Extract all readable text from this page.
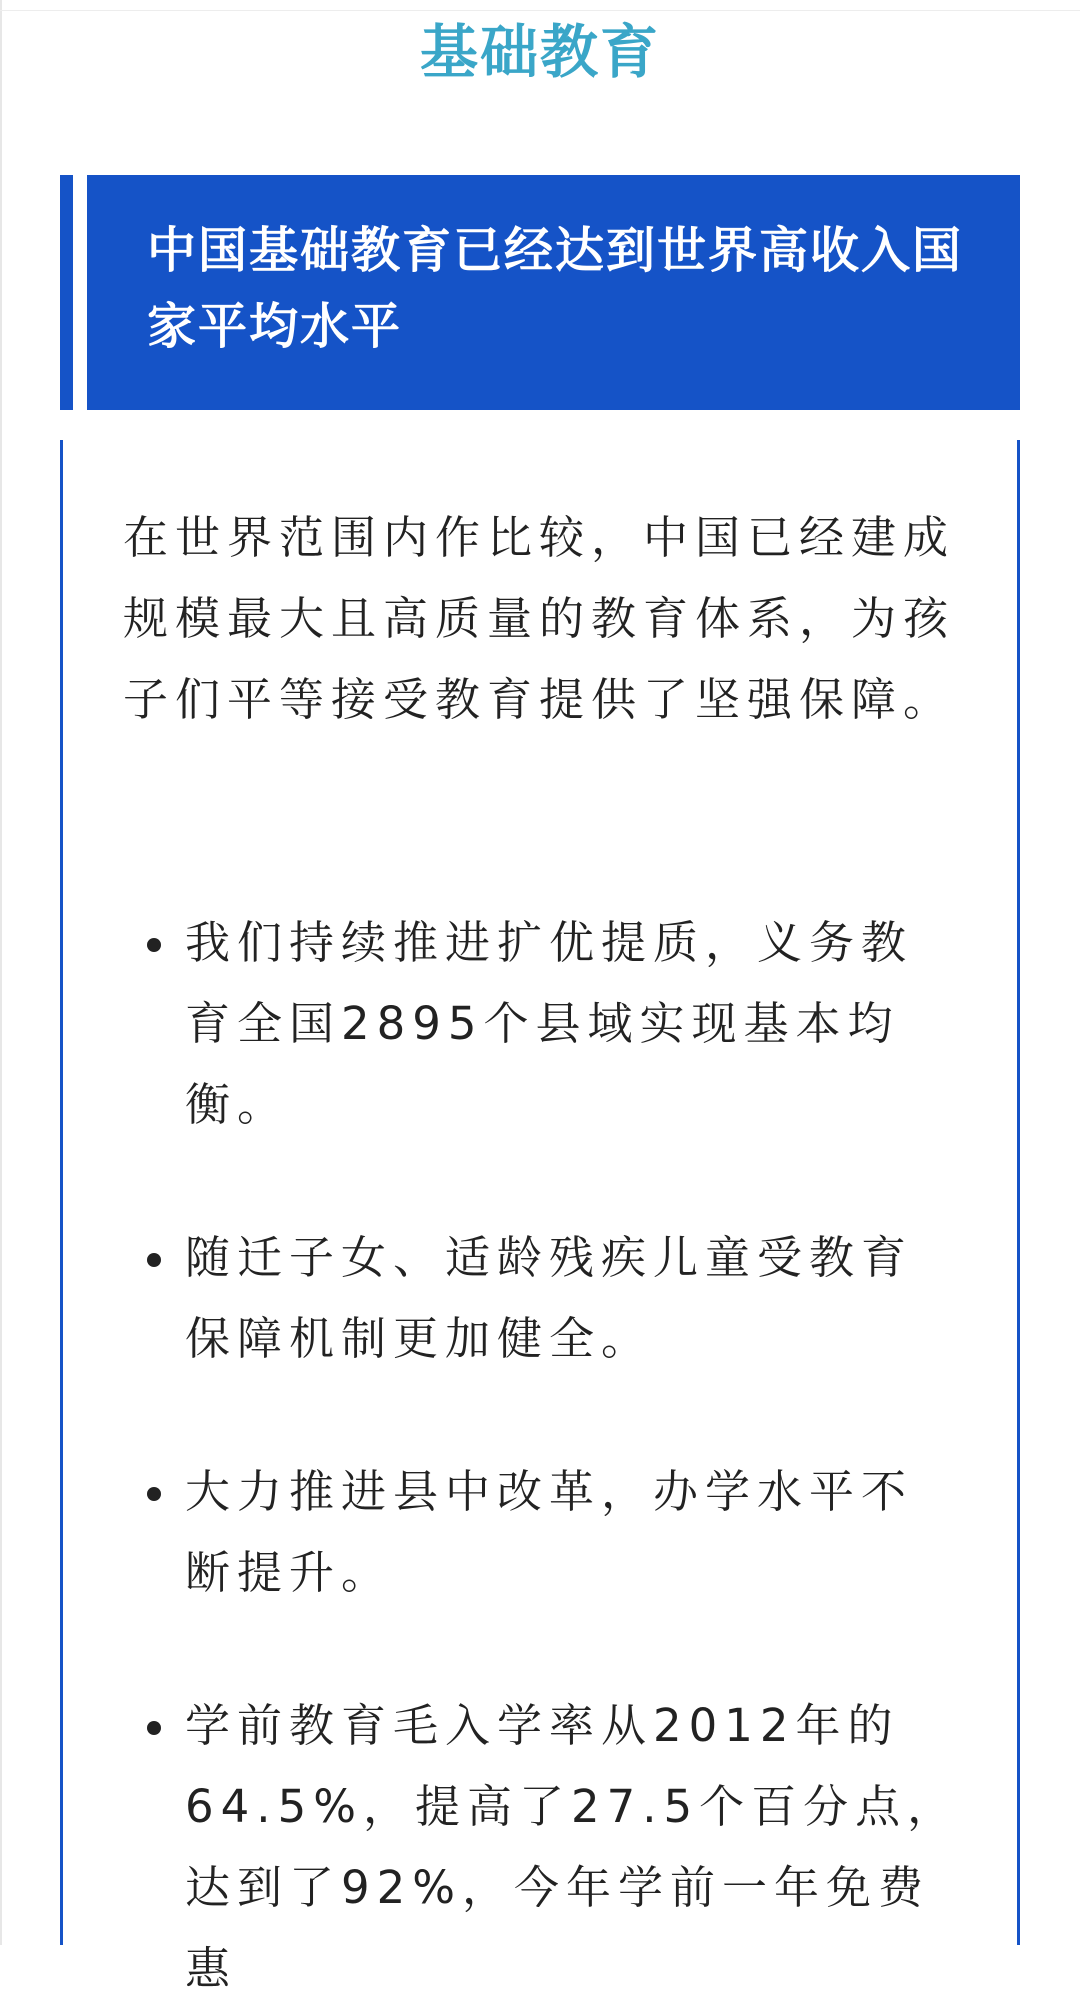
基础教育

中国基础教育已经达到世界高收入国家平均水平

在世界范围内作比较，中国已经建成规模最大且高质量的教育体系，为孩子们平等接受教育提供了坚强保障。

我们持续推进扩优提质，义务教育全国2895个县域实现基本均衡。

随迁子女、适龄残疾儿童受教育保障机制更加健全。

大力推进县中改革，办学水平不断提升。

学前教育毛入学率从2012年的64.5%，提高了27.5个百分点，达到了92%，今年学前一年免费惠
